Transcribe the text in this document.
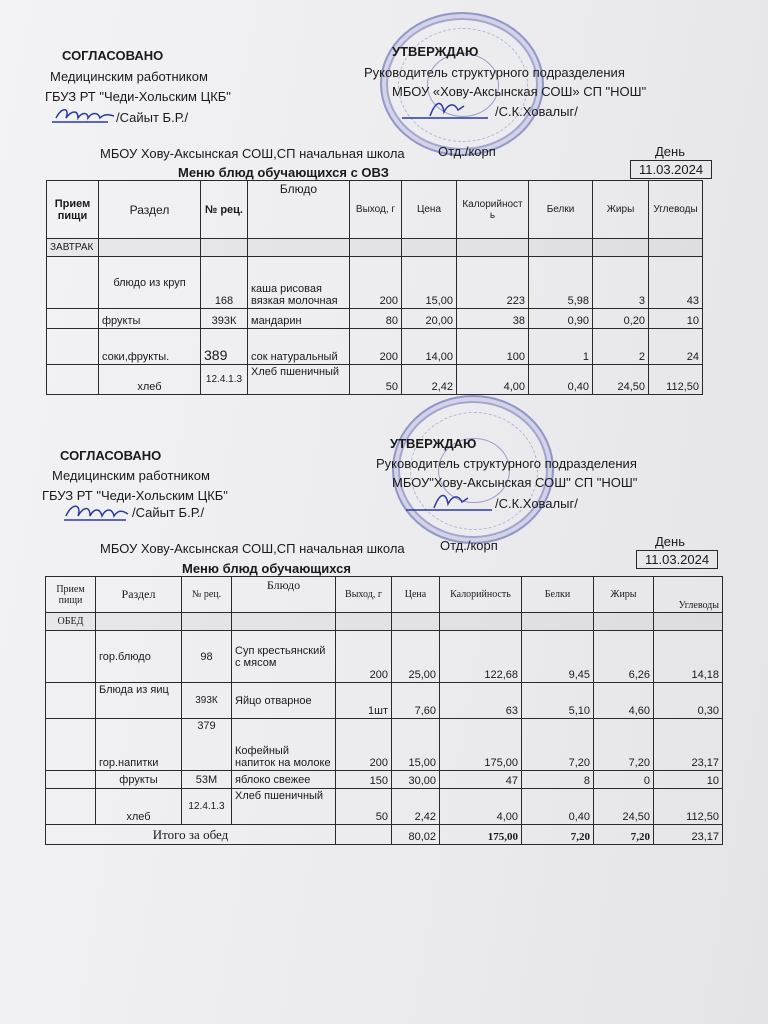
СОГЛАСОВАНО
Медицинским работником
ГБУЗ РТ "Чеди-Хольским ЦКБ"
/Сайыт Б.Р./
УТВЕРЖДАЮ
Руководитель структурного подразделения
МБОУ «Хову-Аксынская СОШ» СП "НОШ"
/С.К.Ховалыг/
МБОУ Хову-Аксынская СОШ,СП начальная школа	Отд./корп	День
11.03.2024
Меню блюд обучающихся с ОВЗ
Прием пищи	Раздел	№ рец.	Блюдо	Выход, г	Цена	Калорийность	Белки	Жиры	Углеводы
ЗАВТРАК									
	блюдо из круп	168	каша рисовая вязкая молочная	200	15,00	223	5,98	3	43
	фрукты	393К	мандарин	80	20,00	38	0,90	0,20	10
	соки,фрукты.	389	сок натуральный	200	14,00	100	1	2	24
	хлеб	12.4.1.3	Хлеб пшеничный	50	2,42	4,00	0,40	24,50	112,50
СОГЛАСОВАНО
Медицинским работником
ГБУЗ РТ "Чеди-Хольским ЦКБ"
/Сайыт Б.Р./
УТВЕРЖДАЮ
Руководитель структурного подразделения
МБОУ"Хову-Аксынская СОШ" СП "НОШ"
/С.К.Ховалыг/
МБОУ Хову-Аксынская СОШ,СП начальная школа	Отд./корп	День
11.03.2024
Меню блюд обучающихся
Прием пищи	Раздел	№ рец.	Блюдо	Выход, г	Цена	Калорийность	Белки	Жиры	Углеводы
ОБЕД									
	гор.блюдо	98	Суп крестьянский с мясом	200	25,00	122,68	9,45	6,26	14,18
	Блюда из яиц	393К	Яйцо отварное	1шт	7,60	63	5,10	4,60	0,30
	гор.напитки	379	Кофейный напиток на молоке	200	15,00	175,00	7,20	7,20	23,17
	фрукты	53М	яблоко свежее	150	30,00	47	8	0	10
	хлеб	12.4.1.3	Хлеб пшеничный	50	2,42	4,00	0,40	24,50	112,50
Итого за обед					80,02	175,00	7,20	7,20	23,17
